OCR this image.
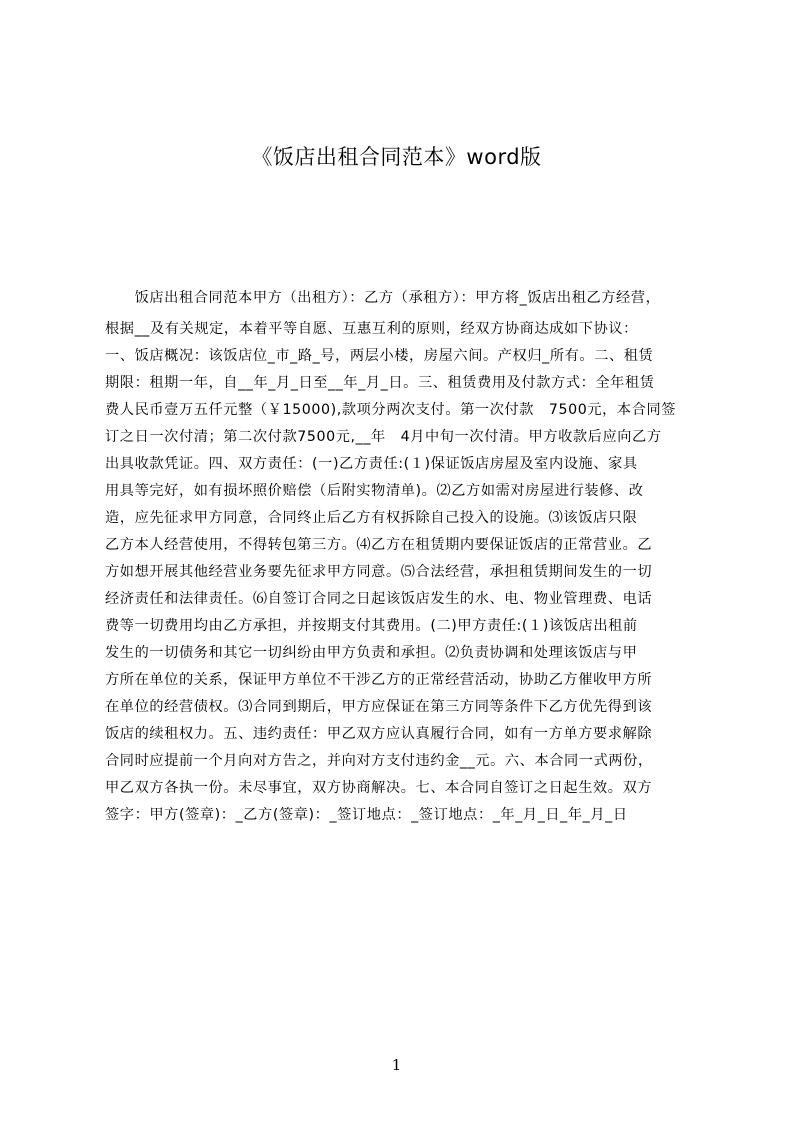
《饭店出租合同范本》word版
　　饭店出租合同范本甲方（出租方）：乙方（承租方）：甲方将_饭店出租乙方经营，
根据__及有关规定，本着平等自愿、互惠互利的原则，经双方协商达成如下协议：
一、饭店概况：该饭店位_市_路_号，两层小楼，房屋六间。产权归_所有。二、租赁
期限：租期一年，自__年_月_日至__年_月_日。三、租赁费用及付款方式：全年租赁
费人民币壹万五仟元整（￥15000),款项分两次支付。第一次付款　7500元，本合同签
订之日一次付清；第二次付款7500元,__年　4月中旬一次付清。甲方收款后应向乙方
出具收款凭证。四、双方责任：(一)乙方责任:(１)保证饭店房屋及室内设施、家具
用具等完好，如有损坏照价赔偿（后附实物清单)。⑵乙方如需对房屋进行装修、改
造，应先征求甲方同意，合同终止后乙方有权拆除自己投入的设施。⑶该饭店只限
乙方本人经营使用，不得转包第三方。⑷乙方在租赁期内要保证饭店的正常营业。乙
方如想开展其他经营业务要先征求甲方同意。⑸合法经营，承担租赁期间发生的一切
经济责任和法律责任。⑹自签订合同之日起该饭店发生的水、电、物业管理费、电话
费等一切费用均由乙方承担，并按期支付其费用。(二)甲方责任:(１)该饭店出租前
发生的一切债务和其它一切纠纷由甲方负责和承担。⑵负责协调和处理该饭店与甲
方所在单位的关系，保证甲方单位不干涉乙方的正常经营活动，协助乙方催收甲方所
在单位的经营债权。⑶合同到期后，甲方应保证在第三方同等条件下乙方优先得到该
饭店的续租权力。五、违约责任：甲乙双方应认真履行合同，如有一方单方要求解除
合同时应提前一个月向对方告之，并向对方支付违约金__元。六、本合同一式两份，
甲乙双方各执一份。未尽事宜，双方协商解决。七、本合同自签订之日起生效。双方
签字：甲方(签章)：_乙方(签章)：_签订地点：_签订地点：_年_月_日_年_月_日
1
